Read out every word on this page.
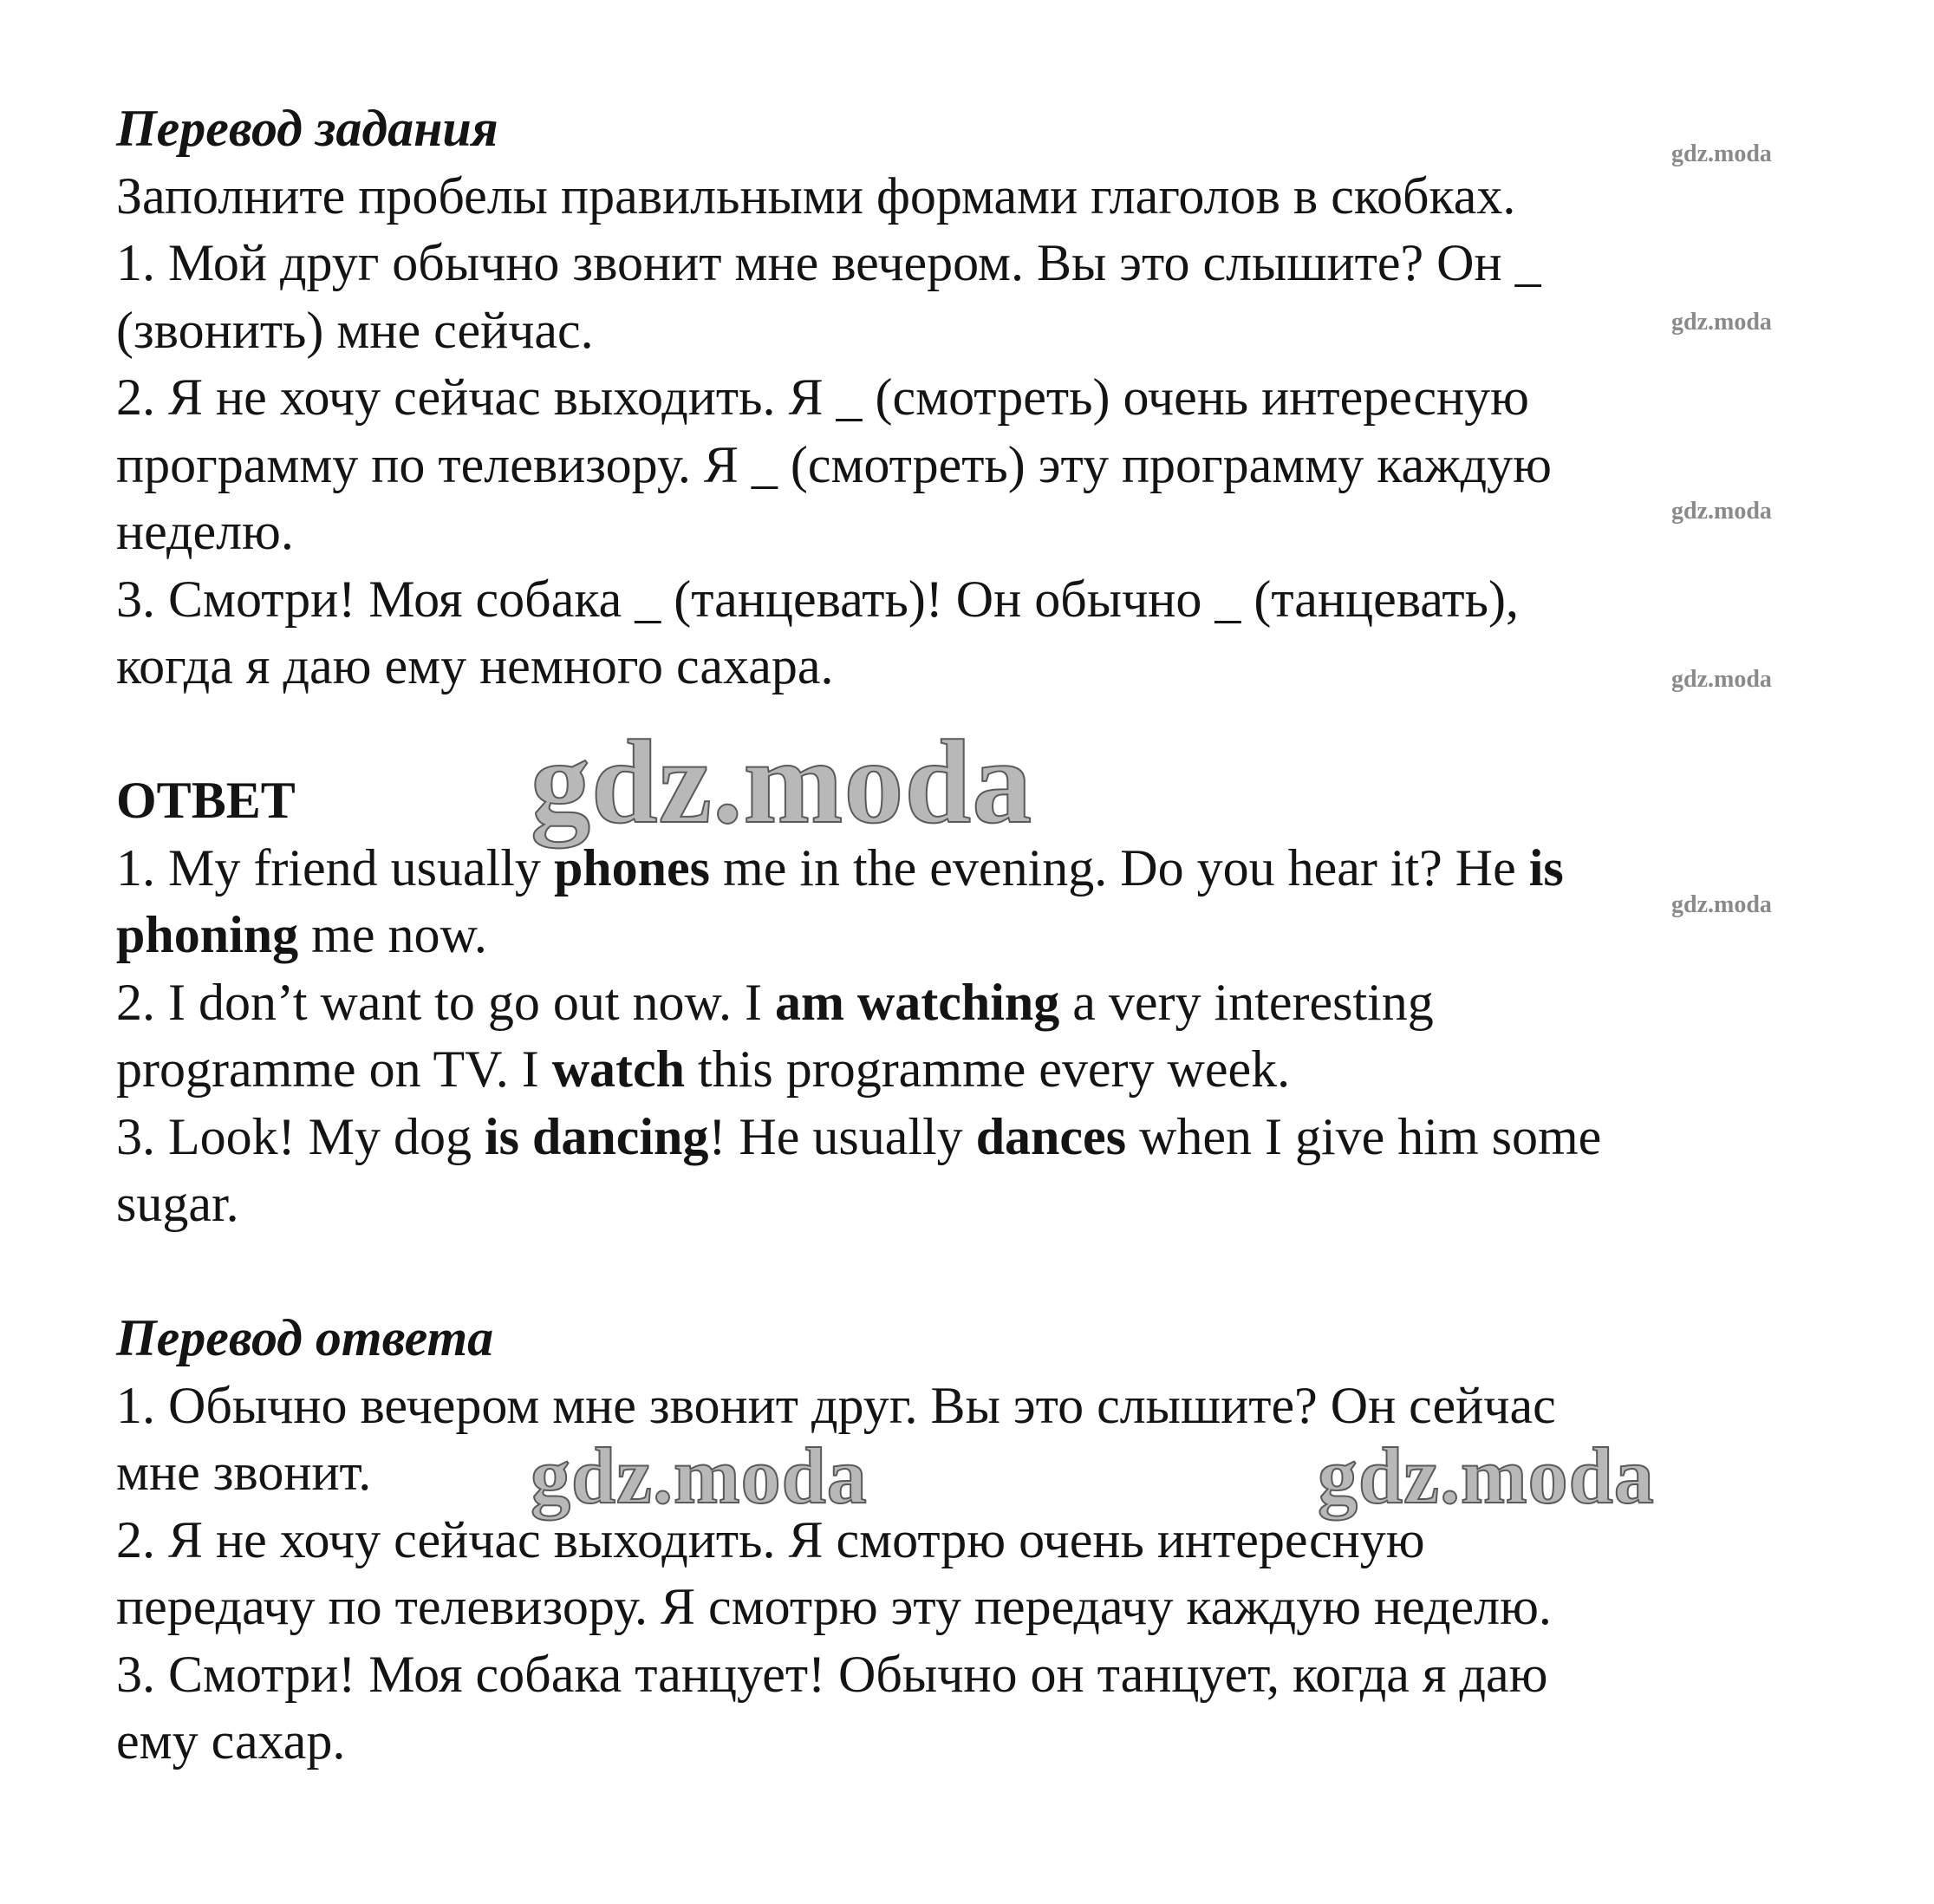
Перевод задания
Заполните пробелы правильными формами глаголов в скобках.
1. Мой друг обычно звонит мне вечером. Вы это слышите? Он _
(звонить) мне сейчас.
2. Я не хочу сейчас выходить. Я _ (смотреть) очень интересную
программу по телевизору. Я _ (смотреть) эту программу каждую
неделю.
3. Смотри! Моя собака _ (танцевать)! Он обычно _ (танцевать),
когда я даю ему немного сахара.
ОТВЕТ
1. My friend usually phones me in the evening. Do you hear it? He is
phoning me now.
2. I don’t want to go out now. I am watching a very interesting
programme on TV. I watch this programme every week.
3. Look! My dog is dancing! He usually dances when I give him some
sugar.
Перевод ответа
1. Обычно вечером мне звонит друг. Вы это слышите? Он сейчас
мне звонит.
2. Я не хочу сейчас выходить. Я смотрю очень интересную
передачу по телевизору. Я смотрю эту передачу каждую неделю.
3. Смотри! Моя собака танцует! Обычно он танцует, когда я даю
ему сахар.
gdz.moda
gdz.moda
gdz.moda
gdz.moda
gdz.moda
gdz.moda
gdz.moda	gdz.moda
